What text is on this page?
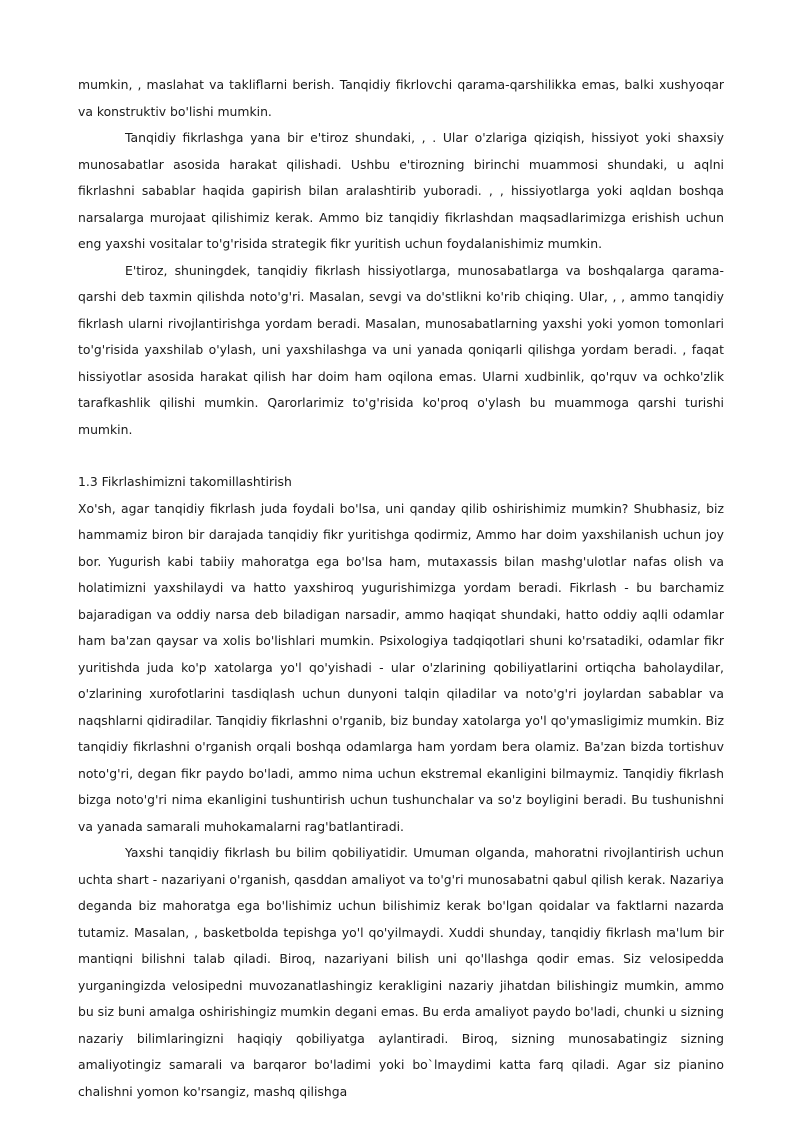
mumkin, , maslahat va takliflarni berish. Tanqidiy fikrlovchi qarama-qarshilikka emas, balki xushyoqar va konstruktiv bo'lishi mumkin.

Tanqidiy fikrlashga yana bir e'tiroz shundaki, , . Ular o'zlariga qiziqish, hissiyot yoki shaxsiy munosabatlar asosida harakat qilishadi. Ushbu e'tirozning birinchi muammosi shundaki, u aqlni fikrlashni sabablar haqida gapirish bilan aralashtirib yuboradi. , , hissiyotlarga yoki aqldan boshqa narsalarga murojaat qilishimiz kerak. Ammo biz tanqidiy fikrlashdan maqsadlarimizga erishish uchun eng yaxshi vositalar to'g'risida strategik fikr yuritish uchun foydalanishimiz mumkin.

E'tiroz, shuningdek, tanqidiy fikrlash hissiyotlarga, munosabatlarga va boshqalarga qarama-qarshi deb taxmin qilishda noto'g'ri. Masalan, sevgi va do'stlikni ko'rib chiqing. Ular, , , ammo tanqidiy fikrlash ularni rivojlantirishga yordam beradi. Masalan, munosabatlarning yaxshi yoki yomon tomonlari to'g'risida yaxshilab o'ylash, uni yaxshilashga va uni yanada qoniqarli qilishga yordam beradi. , faqat hissiyotlar asosida harakat qilish har doim ham oqilona emas. Ularni xudbinlik, qo'rquv va ochko'zlik tarafkashlik qilishi mumkin. Qarorlarimiz to'g'risida ko'proq o'ylash bu muammoga qarshi turishi mumkin.

1.3 Fikrlashimizni takomillashtirish

Xo'sh, agar tanqidiy fikrlash juda foydali bo'lsa, uni qanday qilib oshirishimiz mumkin? Shubhasiz, biz hammamiz biron bir darajada tanqidiy fikr yuritishga qodirmiz, Ammo har doim yaxshilanish uchun joy bor. Yugurish kabi tabiiy mahoratga ega bo'lsa ham, mutaxassis bilan mashg'ulotlar nafas olish va holatimizni yaxshilaydi va hatto yaxshiroq yugurishimizga yordam beradi. Fikrlash - bu barchamiz bajaradigan va oddiy narsa deb biladigan narsadir, ammo haqiqat shundaki, hatto oddiy aqlli odamlar ham ba'zan qaysar va xolis bo'lishlari mumkin. Psixologiya tadqiqotlari shuni ko'rsatadiki, odamlar fikr yuritishda juda ko'p xatolarga yo'l qo'yishadi - ular o'zlarining qobiliyatlarini ortiqcha baholaydilar, o'zlarining xurofotlarini tasdiqlash uchun dunyoni talqin qiladilar va noto'g'ri joylardan sabablar va naqshlarni qidiradilar. Tanqidiy fikrlashni o'rganib, biz bunday xatolarga yo'l qo'ymasligimiz mumkin. Biz tanqidiy fikrlashni o'rganish orqali boshqa odamlarga ham yordam bera olamiz. Ba'zan bizda tortishuv noto'g'ri, degan fikr paydo bo'ladi, ammo nima uchun ekstremal ekanligini bilmaymiz. Tanqidiy fikrlash bizga noto'g'ri nima ekanligini tushuntirish uchun tushunchalar va so'z boyligini beradi. Bu tushunishni va yanada samarali muhokamalarni rag'batlantiradi.

Yaxshi tanqidiy fikrlash bu bilim qobiliyatidir. Umuman olganda, mahoratni rivojlantirish uchun uchta shart - nazariyani o'rganish, qasddan amaliyot va to'g'ri munosabatni qabul qilish kerak. Nazariya deganda biz mahoratga ega bo'lishimiz uchun bilishimiz kerak bo'lgan qoidalar va faktlarni nazarda tutamiz. Masalan, , basketbolda tepishga yo'l qo'yilmaydi. Xuddi shunday, tanqidiy fikrlash ma'lum bir mantiqni bilishni talab qiladi. Biroq, nazariyani bilish uni qo'llashga qodir emas. Siz velosipedda yurganingizda velosipedni muvozanatlashingiz kerakligini nazariy jihatdan bilishingiz mumkin, ammo bu siz buni amalga oshirishingiz mumkin degani emas. Bu erda amaliyot paydo bo'ladi, chunki u sizning nazariy bilimlaringizni haqiqiy qobiliyatga aylantiradi. Biroq, sizning munosabatingiz sizning amaliyotingiz samarali va barqaror bo'ladimi yoki bo`lmaydimi katta farq qiladi. Agar siz pianino chalishni yomon ko'rsangiz, mashq qilishga
